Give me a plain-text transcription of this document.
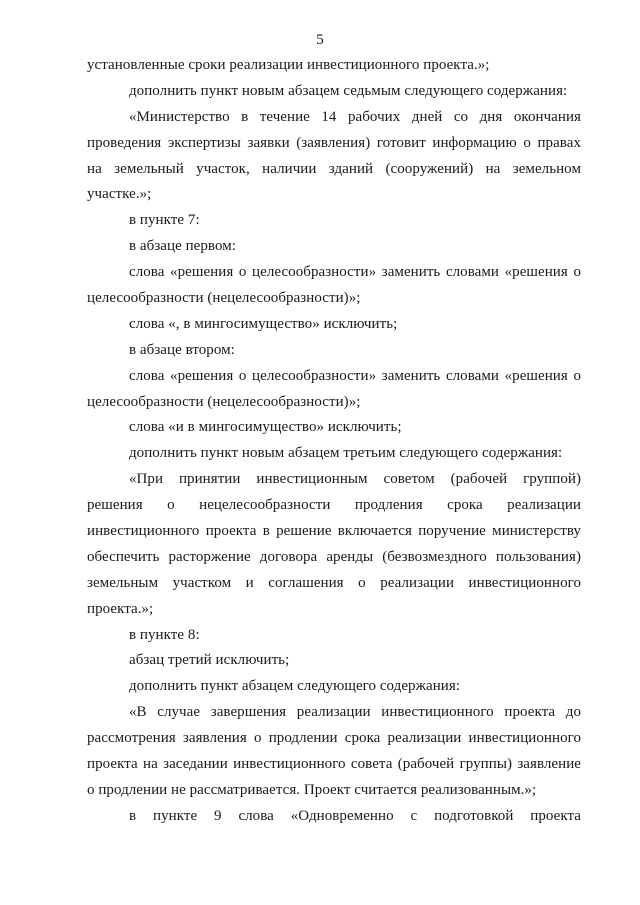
5
установленные сроки реализации инвестиционного проекта.»;
дополнить пункт новым абзацем седьмым следующего содержания:
«Министерство в течение 14 рабочих дней со дня окончания
проведения экспертизы заявки (заявления) готовит информацию о правах
на земельный участок, наличии зданий (сооружений) на земельном
участке.»;
в пункте 7:
в абзаце первом:
слова «решения о целесообразности» заменить словами «решения о
целесообразности (нецелесообразности)»;
слова «, в мингосимущество» исключить;
в абзаце втором:
слова «решения о целесообразности» заменить словами «решения о
целесообразности (нецелесообразности)»;
слова «и в мингосимущество» исключить;
дополнить пункт новым абзацем третьим следующего содержания:
«При принятии инвестиционным советом (рабочей группой)
решения о нецелесообразности продления срока реализации
инвестиционного проекта в решение включается поручение министерству
обеспечить расторжение договора аренды (безвозмездного пользования)
земельным участком и соглашения о реализации инвестиционного
проекта.»;
в пункте 8:
абзац третий исключить;
дополнить пункт абзацем следующего содержания:
«В случае завершения реализации инвестиционного проекта до
рассмотрения заявления о продлении срока реализации инвестиционного
проекта на заседании инвестиционного совета (рабочей группы) заявление
о продлении не рассматривается. Проект считается реализованным.»;
в пункте 9 слова «Одновременно с подготовкой проекта
